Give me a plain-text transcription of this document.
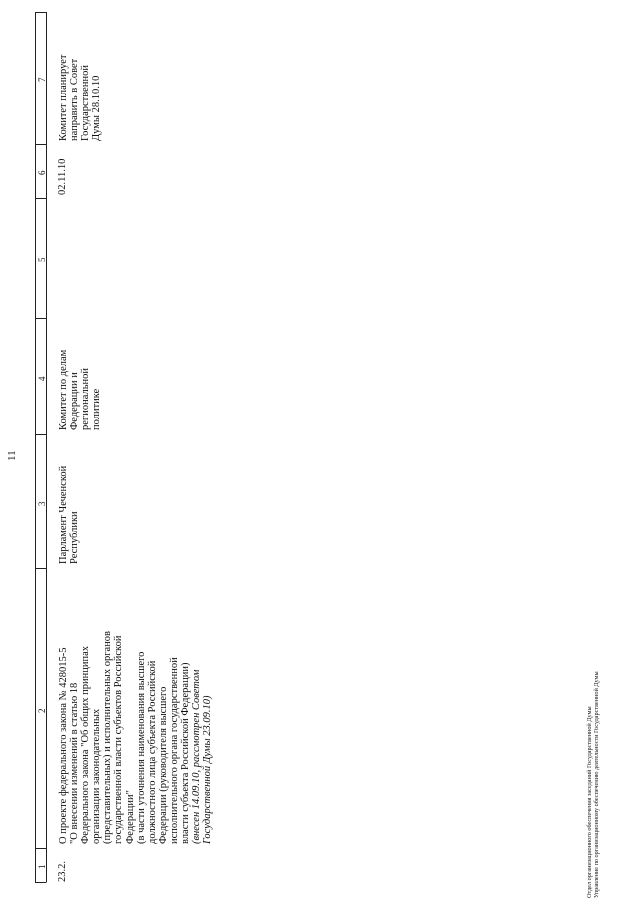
1
2
3
4
5
6
7
11
23.2.
О проекте федерального закона № 428015-5 "О внесении изменений в статью 18 Федерального закона "Об общих принципах организации законодательных (представительных) и исполнительных органов государственной власти субъектов Российской Федерации" (в части уточнения наименования высшего должностного лица субъекта Российской Федерации (руководителя высшего исполнительного органа государственной власти субъекта Российской Федерации) (внесен 14.09.10, рассмотрен Советом Государственной Думы 23.09.10)
Парламент Чеченской Республики
Комитет по делам Федерации и региональной политике
02.11.10
Комитет планирует направить в Совет Государственной Думы 28.10.10
Отдел организационного обеспечения заседаний Государственной Думы Управление по организационному обеспечению деятельности Государственной Думы
